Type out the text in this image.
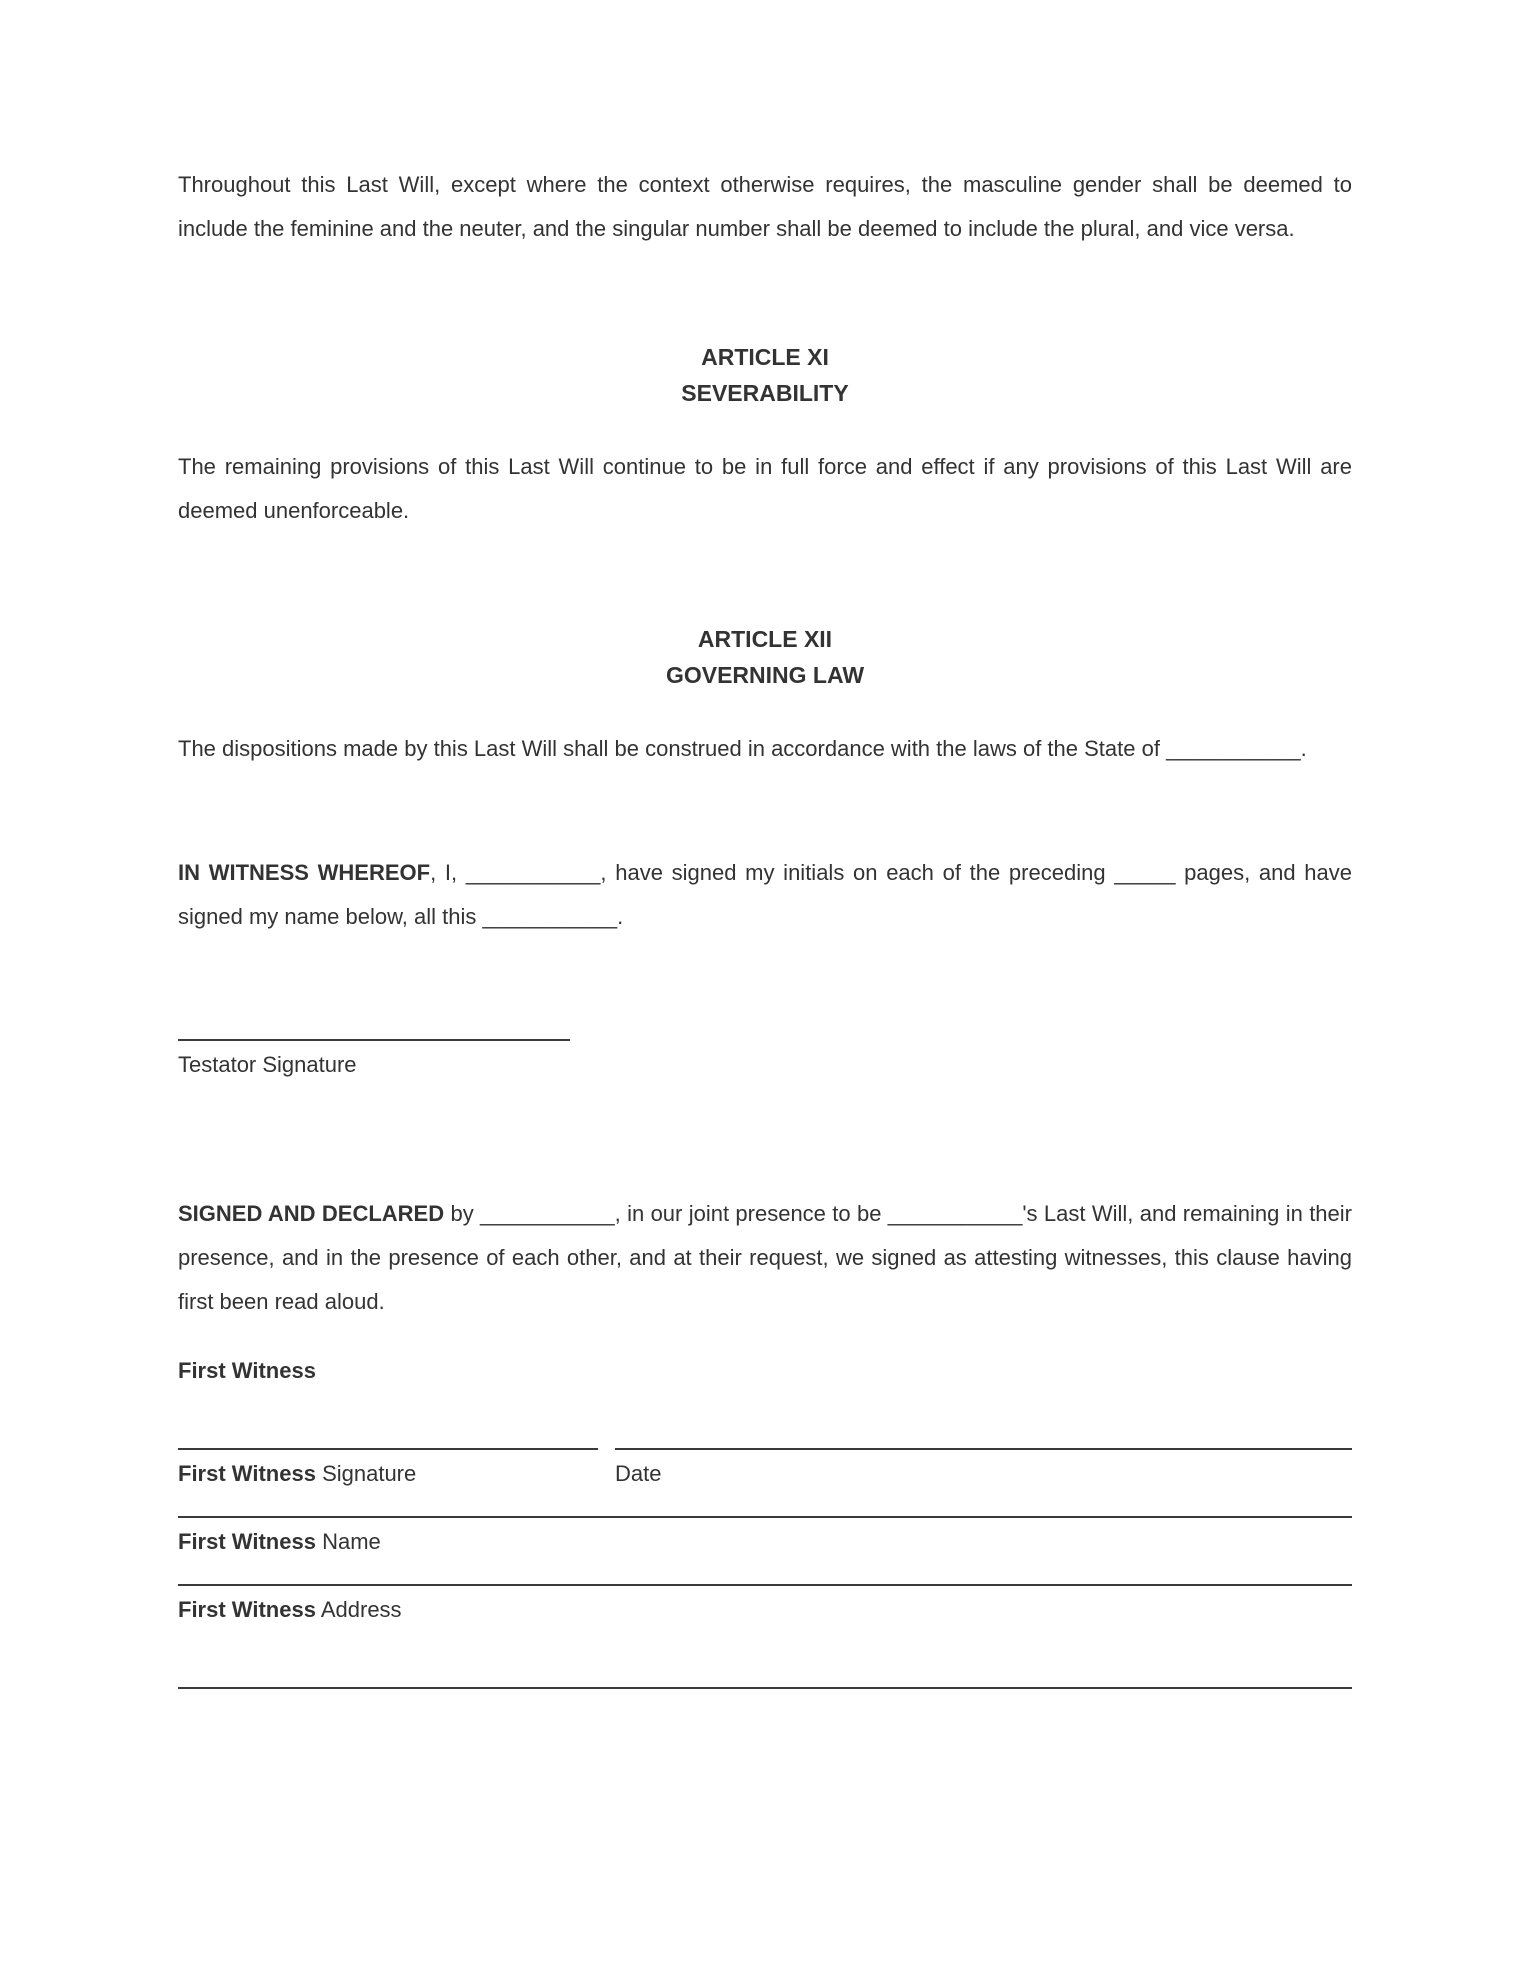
Throughout this Last Will, except where the context otherwise requires, the masculine gender shall be deemed to include the feminine and the neuter, and the singular number shall be deemed to include the plural, and vice versa.

ARTICLE XI
SEVERABILITY

The remaining provisions of this Last Will continue to be in full force and effect if any provisions of this Last Will are deemed unenforceable.

ARTICLE XII
GOVERNING LAW

The dispositions made by this Last Will shall be construed in accordance with the laws of the State of ___________.

IN WITNESS WHEREOF, I, ___________, have signed my initials on each of the preceding _____ pages, and have signed my name below, all this ___________.

Testator Signature

SIGNED AND DECLARED by ___________, in our joint presence to be ___________'s Last Will, and remaining in their presence, and in the presence of each other, and at their request, we signed as attesting witnesses, this clause having first been read aloud.

First Witness
First Witness Signature	Date
First Witness Name
First Witness Address
